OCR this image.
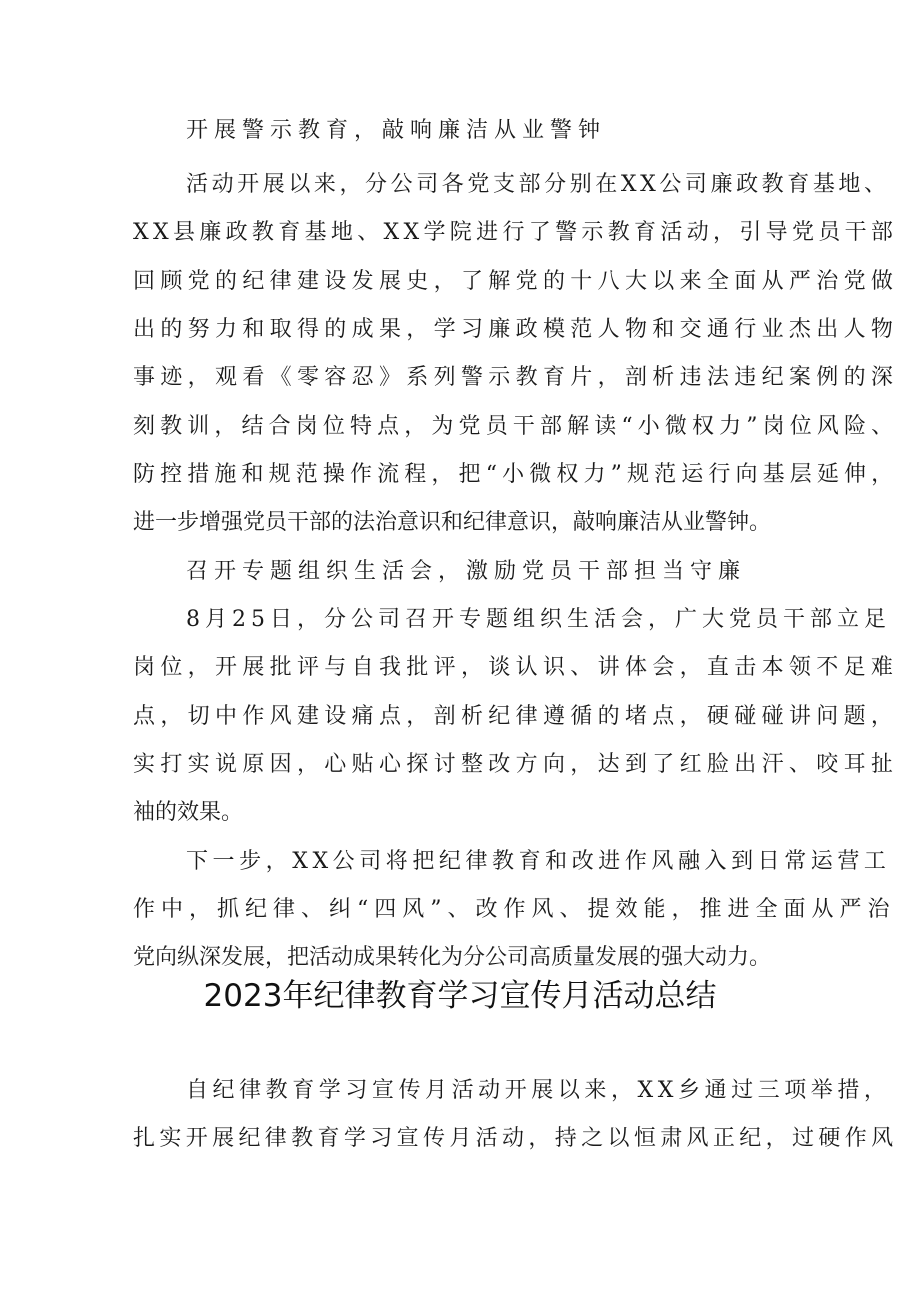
开展警示教育，敲响廉洁从业警钟
活动开展以来，分公司各党支部分别在XX公司廉政教育基地、
XX县廉政教育基地、XX学院进行了警示教育活动，引导党员干部
回顾党的纪律建设发展史，了解党的十八大以来全面从严治党做
出的努力和取得的成果，学习廉政模范人物和交通行业杰出人物
事迹，观看《零容忍》系列警示教育片，剖析违法违纪案例的深
刻教训，结合岗位特点，为党员干部解读“小微权力”岗位风险、
防控措施和规范操作流程，把“小微权力”规范运行向基层延伸，
进一步增强党员干部的法治意识和纪律意识，敲响廉洁从业警钟。
召开专题组织生活会，激励党员干部担当守廉
8月25日，分公司召开专题组织生活会，广大党员干部立足
岗位，开展批评与自我批评，谈认识、讲体会，直击本领不足难
点，切中作风建设痛点，剖析纪律遵循的堵点，硬碰碰讲问题，
实打实说原因，心贴心探讨整改方向，达到了红脸出汗、咬耳扯
袖的效果。
下一步，XX公司将把纪律教育和改进作风融入到日常运营工
作中，抓纪律、纠“四风”、改作风、提效能，推进全面从严治
党向纵深发展，把活动成果转化为分公司高质量发展的强大动力。
2023年纪律教育学习宣传月活动总结
自纪律教育学习宣传月活动开展以来，XX乡通过三项举措，
扎实开展纪律教育学习宣传月活动，持之以恒肃风正纪，过硬作风
